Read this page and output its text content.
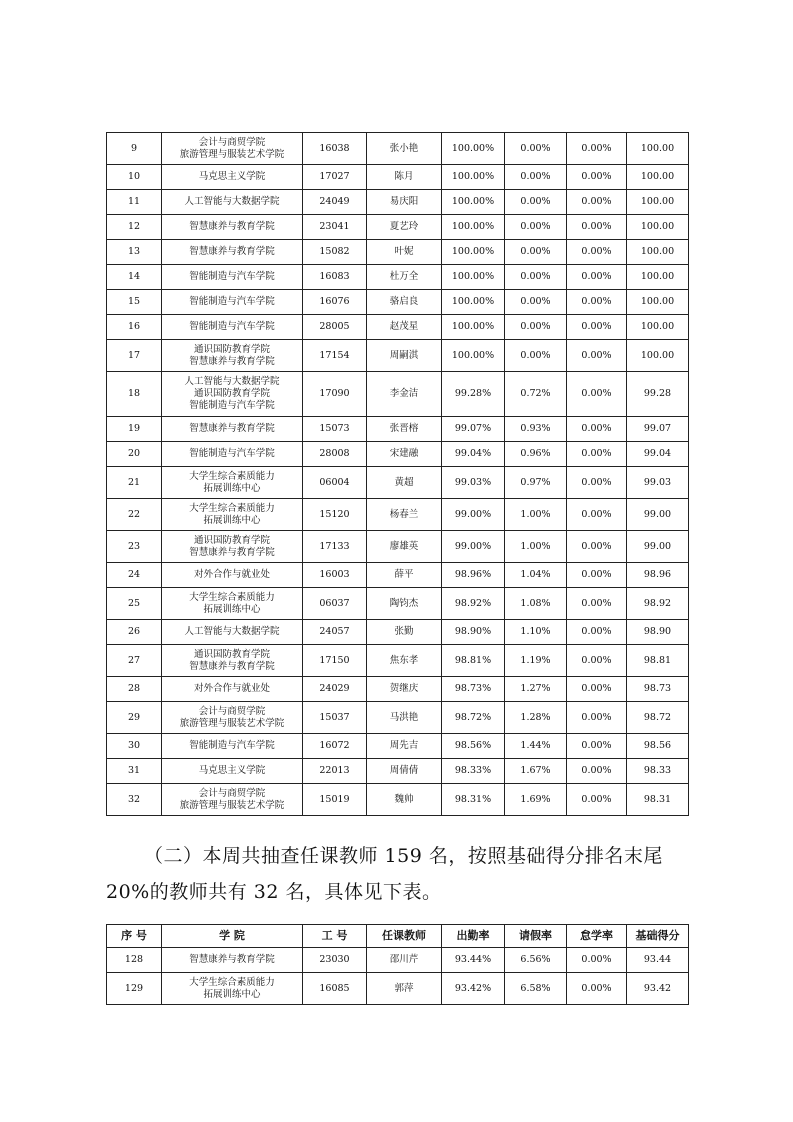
9	会计与商贸学院
旅游管理与服装艺术学院	16038	张小艳	100.00%	0.00%	0.00%	100.00
10	马克思主义学院	17027	陈月	100.00%	0.00%	0.00%	100.00
11	人工智能与大数据学院	24049	易庆阳	100.00%	0.00%	0.00%	100.00
12	智慧康养与教育学院	23041	夏艺玲	100.00%	0.00%	0.00%	100.00
13	智慧康养与教育学院	15082	叶妮	100.00%	0.00%	0.00%	100.00
14	智能制造与汽车学院	16083	杜万全	100.00%	0.00%	0.00%	100.00
15	智能制造与汽车学院	16076	骆启良	100.00%	0.00%	0.00%	100.00
16	智能制造与汽车学院	28005	赵茂星	100.00%	0.00%	0.00%	100.00
17	通识国防教育学院
智慧康养与教育学院	17154	周嗣淇	100.00%	0.00%	0.00%	100.00
18	人工智能与大数据学院
通识国防教育学院
智能制造与汽车学院	17090	李金洁	99.28%	0.72%	0.00%	99.28
19	智慧康养与教育学院	15073	张晋榕	99.07%	0.93%	0.00%	99.07
20	智能制造与汽车学院	28008	宋建融	99.04%	0.96%	0.00%	99.04
21	大学生综合素质能力
拓展训练中心	06004	黄超	99.03%	0.97%	0.00%	99.03
22	大学生综合素质能力
拓展训练中心	15120	杨春兰	99.00%	1.00%	0.00%	99.00
23	通识国防教育学院
智慧康养与教育学院	17133	廖雄英	99.00%	1.00%	0.00%	99.00
24	对外合作与就业处	16003	薛平	98.96%	1.04%	0.00%	98.96
25	大学生综合素质能力
拓展训练中心	06037	陶钧杰	98.92%	1.08%	0.00%	98.92
26	人工智能与大数据学院	24057	张勤	98.90%	1.10%	0.00%	98.90
27	通识国防教育学院
智慧康养与教育学院	17150	焦东孝	98.81%	1.19%	0.00%	98.81
28	对外合作与就业处	24029	贺继庆	98.73%	1.27%	0.00%	98.73
29	会计与商贸学院
旅游管理与服装艺术学院	15037	马洪艳	98.72%	1.28%	0.00%	98.72
30	智能制造与汽车学院	16072	周先吉	98.56%	1.44%	0.00%	98.56
31	马克思主义学院	22013	周倩倩	98.33%	1.67%	0.00%	98.33
32	会计与商贸学院
旅游管理与服装艺术学院	15019	魏帅	98.31%	1.69%	0.00%	98.31

（二）本周共抽查任课教师 159 名，按照基础得分排名末尾

20%的教师共有 32 名，具体见下表。

序 号	学 院	工 号	任课教师	出勤率	请假率	怠学率	基础得分
128	智慧康养与教育学院	23030	邵川芹	93.44%	6.56%	0.00%	93.44
129	大学生综合素质能力
拓展训练中心	16085	郭萍	93.42%	6.58%	0.00%	93.42
